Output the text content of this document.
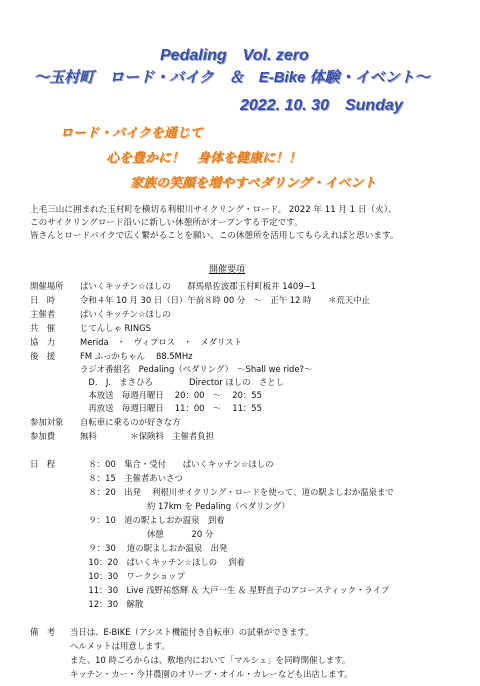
Pedaling　Vol. zero
～玉村町　ロード・バイク　＆　E-Bike 体験・イベント～
2022. 10. 30　Sunday
ロード・バイクを通じて
心を豊かに！　身体を健康に！！
家族の笑顔を増やすペダリング・イベント
上毛三山に囲まれた玉村町を横切る利根川サイクリング・ロード。 2022 年 11 月 1 日（火）、
このサイクリングロード沿いに新しい休憩所がオープンする予定です。
皆さんとロードバイクで広く繋がることを願い、この休憩所を活用してもらえればと思います。
開催要項
開催場所 ぱいくキッチン☆ほしの　　群馬県佐波郡玉村町板井 1409−1
日　時	令和４年 10 月 30 日（日）午前８時 00 分　～　正午 12 時　　＊荒天中止
主催者	ぱいくキッチン☆ほしの
共　催	じてんしゃ RINGS
協　力	Merida　・　ヴィプロス　・　メダリスト
後　援	FM ふっかちゃん　 88.5MHz
ラジオ番組名　Pedaling（ペダリング）　～Shall we ride?～
　D.　J.　まさひろ　　　　 Director ほしの　さとし
　本放送　毎週月曜日　 20：00　～　 20：55
　再放送　毎週日曜日　 11：00　～　 11：55
参加対象 自転車に乗るのが好きな方
参加費	無料　　　　＊保険料　主催者負担
日　程	　８：00　集合・受付　　ぱいくキッチン☆ほしの
　８：15　主催者あいさつ
　８：20　出発　 利根川サイクリング・ロードを使って、道の駅よしおか温泉まで
　　　　　　　　約 17km を Pedaling（ペダリング）
　９：10　道の駅よしおか温泉　到着
　　　　　　　　休憩　　　 20 分
　９：30　 道の駅よしおか温泉　出発
　10：20　ぱいくキッチン☆ほしの　 到着
　10：30　ワークショップ
　11：30　Live 浅野祐悠輝 ＆ 大戸一生 ＆ 星野直子のアコースティック・ライブ
　12：30　解散
備　考 当日は、E-BIKE（アシスト機能付き自転車）の試乗ができます。
ヘルメットは用意します。
また、10 時ごろからは、敷地内において「マルシェ」を同時開催します。
キッチン・カー・今井農園のオリーブ・オイル・カレーなども出店します。
